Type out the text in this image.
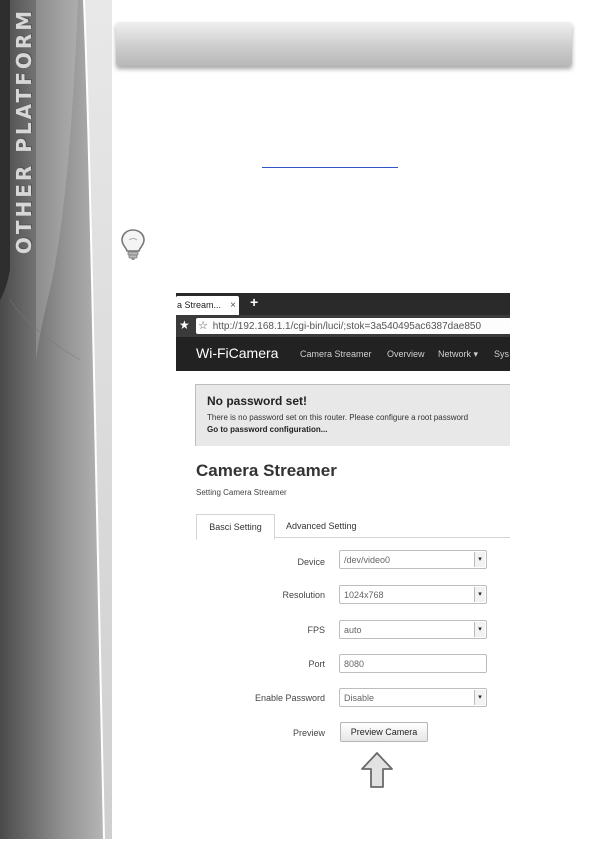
OTHER PLATFORM
a Stream... × +
★ ☆ http://192.168.1.1/cgi-bin/luci/;stok=3a540495ac6387dae850
Wi-FiCamera Camera Streamer Overview Network ▾ Sys
No password set!
There is no password set on this router. Please configure a root password
Go to password configuration...
Camera Streamer
Setting Camera Streamer
Basci Setting	Advanced Setting
Device	/dev/video0	▾
Resolution	1024x768	▾
FPS	auto	▾
Port	8080
Enable Password	Disable	▾
Preview	Preview Camera
